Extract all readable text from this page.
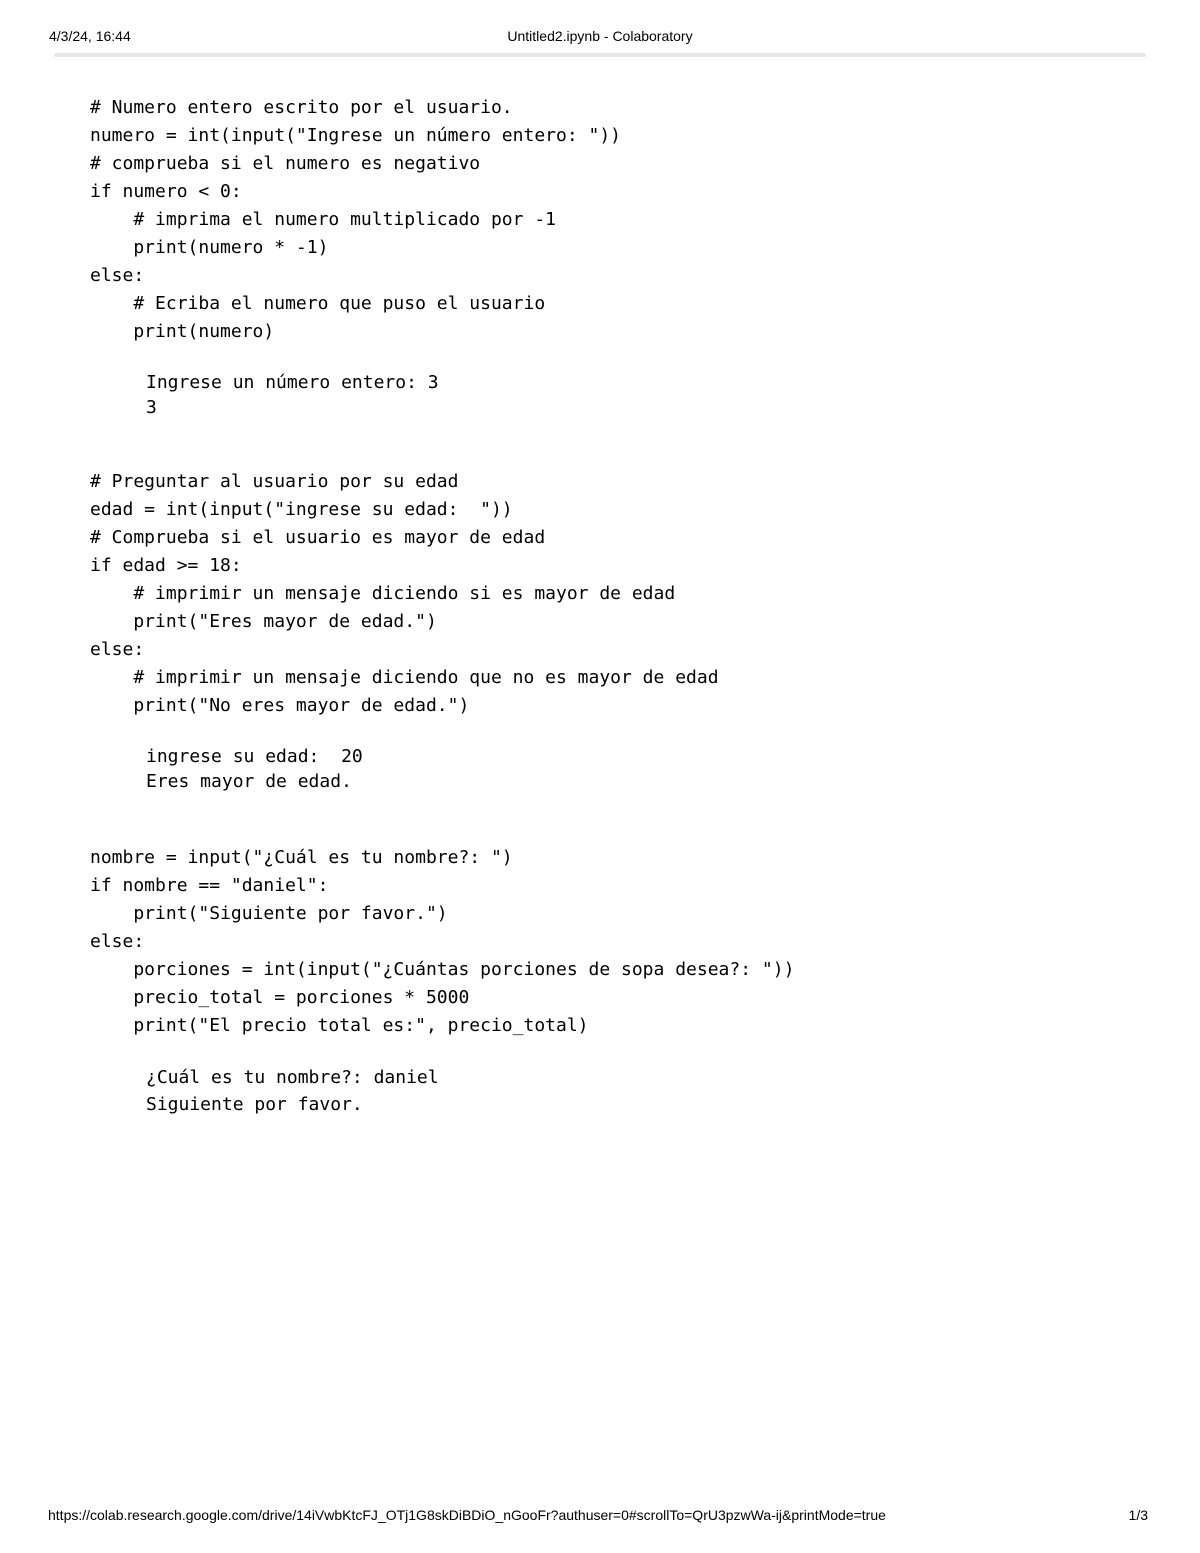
4/3/24, 16:44	Untitled2.ipynb - Colaboratory
# Numero entero escrito por el usuario.
numero = int(input("Ingrese un número entero: "))
# comprueba si el numero es negativo
if numero < 0:
# imprima el numero multiplicado por -1
print(numero * -1)
else:
# Ecriba el numero que puso el usuario
print(numero)
Ingrese un número entero: 3
3
# Preguntar al usuario por su edad
edad = int(input("ingrese su edad:  "))
# Comprueba si el usuario es mayor de edad
if edad >= 18:
# imprimir un mensaje diciendo si es mayor de edad
print("Eres mayor de edad.")
else:
# imprimir un mensaje diciendo que no es mayor de edad
print("No eres mayor de edad.")
ingrese su edad:  20
Eres mayor de edad.
nombre = input("¿Cuál es tu nombre?: ")
if nombre == "daniel":
print("Siguiente por favor.")
else:
porciones = int(input("¿Cuántas porciones de sopa desea?: "))
precio_total = porciones * 5000
print("El precio total es:", precio_total)
¿Cuál es tu nombre?: daniel
Siguiente por favor.
https://colab.research.google.com/drive/14iVwbKtcFJ_OTj1G8skDiBDiO_nGooFr?authuser=0#scrollTo=QrU3pzwWa-ij&printMode=true	1/3
